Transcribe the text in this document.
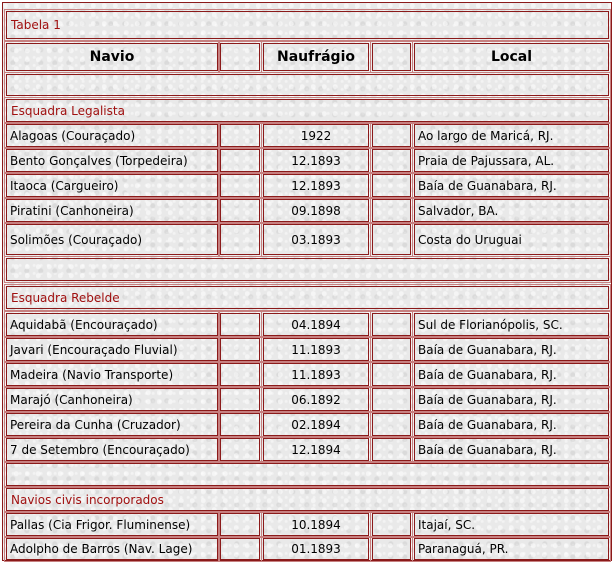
Tabela 1
Navio	Naufrágio	Local
Esquadra Legalista
Alagoas (Couraçado)	1922	Ao largo de Maricá, RJ.
Bento Gonçalves (Torpedeira)	12.1893	Praia de Pajussara, AL.
Itaoca (Cargueiro)	12.1893	Baía de Guanabara, RJ.
Piratini (Canhoneira)	09.1898	Salvador, BA.
Solimões (Couraçado)	03.1893	Costa do Uruguai
Esquadra Rebelde
Aquidabã (Encouraçado)	04.1894	Sul de Florianópolis, SC.
Javari (Encouraçado Fluvial)	11.1893	Baía de Guanabara, RJ.
Madeira (Navio Transporte)	11.1893	Baía de Guanabara, RJ.
Marajó (Canhoneira)	06.1892	Baía de Guanabara, RJ.
Pereira da Cunha (Cruzador)	02.1894	Baía de Guanabara, RJ.
7 de Setembro (Encouraçado)	12.1894	Baía de Guanabara, RJ.
Navios civis incorporados
Pallas (Cia Frigor. Fluminense)	10.1894	Itajaí, SC.
Adolpho de Barros (Nav. Lage)	01.1893	Paranaguá, PR.
